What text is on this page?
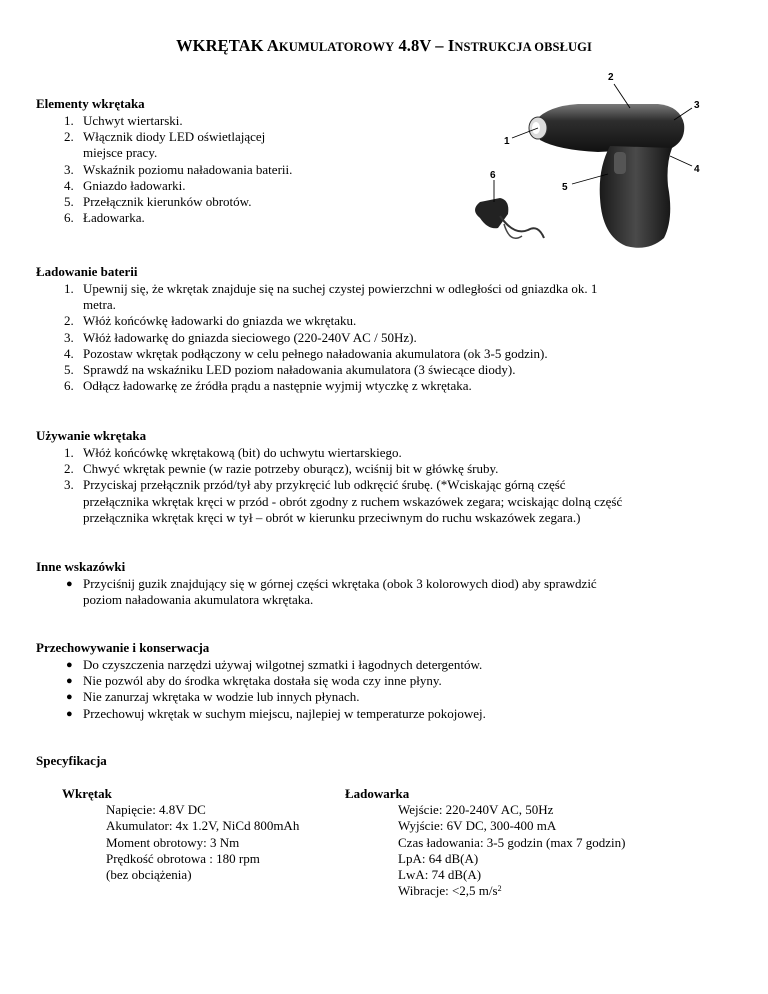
WKRĘTAK AKUMULATOROWY 4.8V – INSTRUKCJA OBSŁUGI
Elementy wkrętaka
1. Uchwyt wiertarski.
2. Włącznik diody LED oświetlającej
miejsce pracy.
3. Wskaźnik poziomu naładowania baterii.
4. Gniazdo ładowarki.
5. Przełącznik kierunków obrotów.
6. Ładowarka.
1
2
3
4
5
6
Ładowanie baterii
1. Upewnij się, że wkrętak znajduje się na suchej czystej powierzchni w odległości od gniazdka ok. 1
metra.
2. Włóż końcówkę ładowarki do gniazda we wkrętaku.
3. Włóż ładowarkę do gniazda sieciowego (220-240V AC / 50Hz).
4. Pozostaw wkrętak podłączony w celu pełnego naładowania akumulatora (ok 3-5 godzin).
5. Sprawdź na wskaźniku LED poziom naładowania akumulatora (3 świecące diody).
6. Odłącz ładowarkę ze źródła prądu a następnie wyjmij wtyczkę z wkrętaka.
Używanie wkrętaka
1. Włóż końcówkę wkrętakową (bit) do uchwytu wiertarskiego.
2. Chwyć wkrętak pewnie (w razie potrzeby oburącz), wciśnij bit w główkę śruby.
3. Przyciskaj przełącznik przód/tył aby przykręcić lub odkręcić śrubę. (*Wciskając górną część
przełącznika wkrętak kręci w przód - obrót zgodny z ruchem wskazówek zegara; wciskając dolną część
przełącznika wkrętak kręci w tył – obrót w kierunku przeciwnym do ruchu wskazówek zegara.)
Inne wskazówki
● Przyciśnij guzik znajdujący się w górnej części wkrętaka (obok 3 kolorowych diod) aby sprawdzić
poziom naładowania akumulatora wkrętaka.
Przechowywanie i konserwacja
● Do czyszczenia narzędzi używaj wilgotnej szmatki i łagodnych detergentów.
● Nie pozwól aby do środka wkrętaka dostała się woda czy inne płyny.
● Nie zanurzaj wkrętaka w wodzie lub innych płynach.
● Przechowuj wkrętak w suchym miejscu, najlepiej w temperaturze pokojowej.
Specyfikacja
Wkrętak
Napięcie: 4.8V DC
Akumulator: 4x 1.2V, NiCd 800mAh
Moment obrotowy: 3 Nm
Prędkość obrotowa : 180 rpm
(bez obciążenia)
Ładowarka
Wejście: 220-240V AC, 50Hz
Wyjście: 6V DC, 300-400 mA
Czas ładowania: 3-5 godzin (max 7 godzin)
LpA: 64 dB(A)
LwA: 74 dB(A)
Wibracje: <2,5 $m/s^2$
